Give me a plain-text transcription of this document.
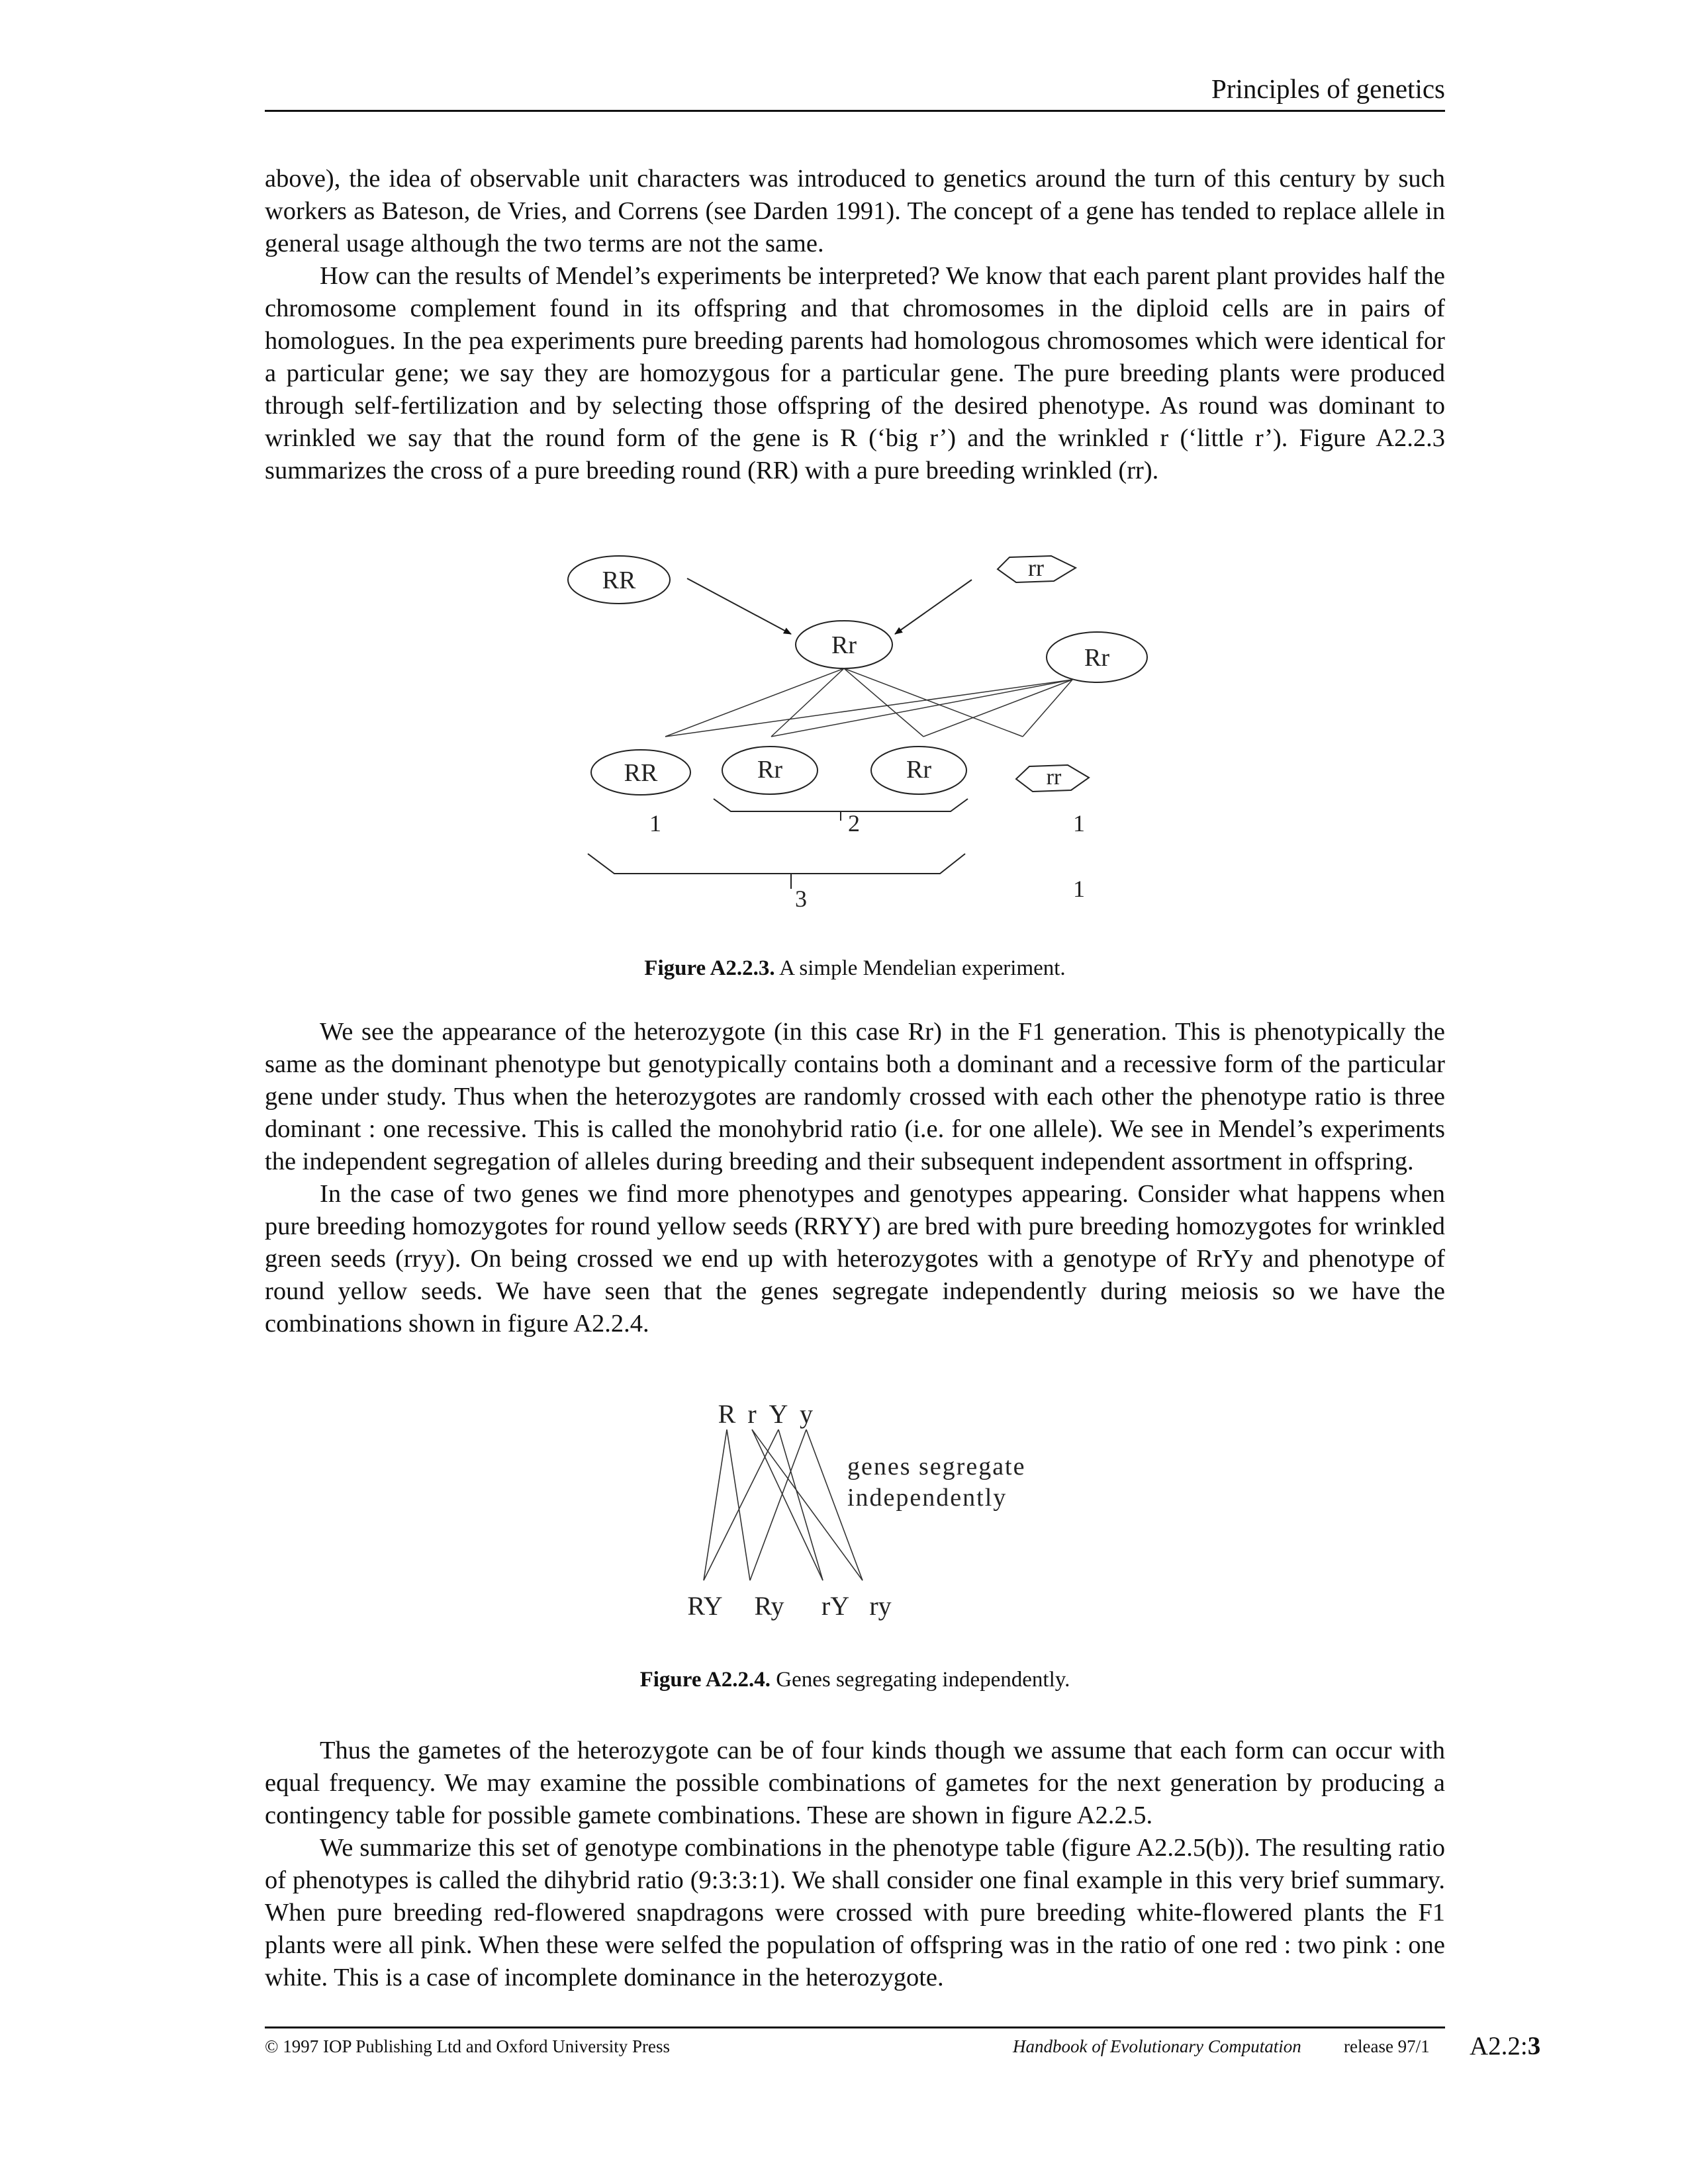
Principles of genetics

above), the idea of observable unit characters was introduced to genetics around the turn of this century by such workers as Bateson, de Vries, and Correns (see Darden 1991). The concept of a gene has tended to replace allele in general usage although the two terms are not the same.

How can the results of Mendel’s experiments be interpreted? We know that each parent plant provides half the chromosome complement found in its offspring and that chromosomes in the diploid cells are in pairs of homologues. In the pea experiments pure breeding parents had homologous chromosomes which were identical for a particular gene; we say they are homozygous for a particular gene. The pure breeding plants were produced through self-fertilization and by selecting those offspring of the desired phenotype. As round was dominant to wrinkled we say that the round form of the gene is R (‘big r’) and the wrinkled r (‘little r’). Figure A2.2.3 summarizes the cross of a pure breeding round (RR) with a pure breeding wrinkled (rr).

RR	rr
Rr	Rr
RR	Rr	Rr	rr
1	2	1
3	1
Figure A2.2.3. A simple Mendelian experiment.

We see the appearance of the heterozygote (in this case Rr) in the F1 generation. This is phenotypically the same as the dominant phenotype but genotypically contains both a dominant and a recessive form of the particular gene under study. Thus when the heterozygotes are randomly crossed with each other the phenotype ratio is three dominant : one recessive. This is called the monohybrid ratio (i.e. for one allele). We see in Mendel’s experiments the independent segregation of alleles during breeding and their subsequent independent assortment in offspring.

In the case of two genes we find more phenotypes and genotypes appearing. Consider what happens when pure breeding homozygotes for round yellow seeds (RRYY) are bred with pure breeding homozygotes for wrinkled green seeds (rryy). On being crossed we end up with heterozygotes with a genotype of RrYy and phenotype of round yellow seeds. We have seen that the genes segregate independently during meiosis so we have the combinations shown in figure A2.2.4.

R r Y y
genes segregate
independently
RY Ry rY ry
Figure A2.2.4. Genes segregating independently.

Thus the gametes of the heterozygote can be of four kinds though we assume that each form can occur with equal frequency. We may examine the possible combinations of gametes for the next generation by producing a contingency table for possible gamete combinations. These are shown in figure A2.2.5.

We summarize this set of genotype combinations in the phenotype table (figure A2.2.5(b)). The resulting ratio of phenotypes is called the dihybrid ratio (9:3:3:1). We shall consider one final example in this very brief summary. When pure breeding red-flowered snapdragons were crossed with pure breeding white-flowered plants the F1 plants were all pink. When these were selfed the population of offspring was in the ratio of one red : two pink : one white. This is a case of incomplete dominance in the heterozygote.

© 1997 IOP Publishing Ltd and Oxford University Press	Handbook of Evolutionary Computation release 97/1 A2.2:3
